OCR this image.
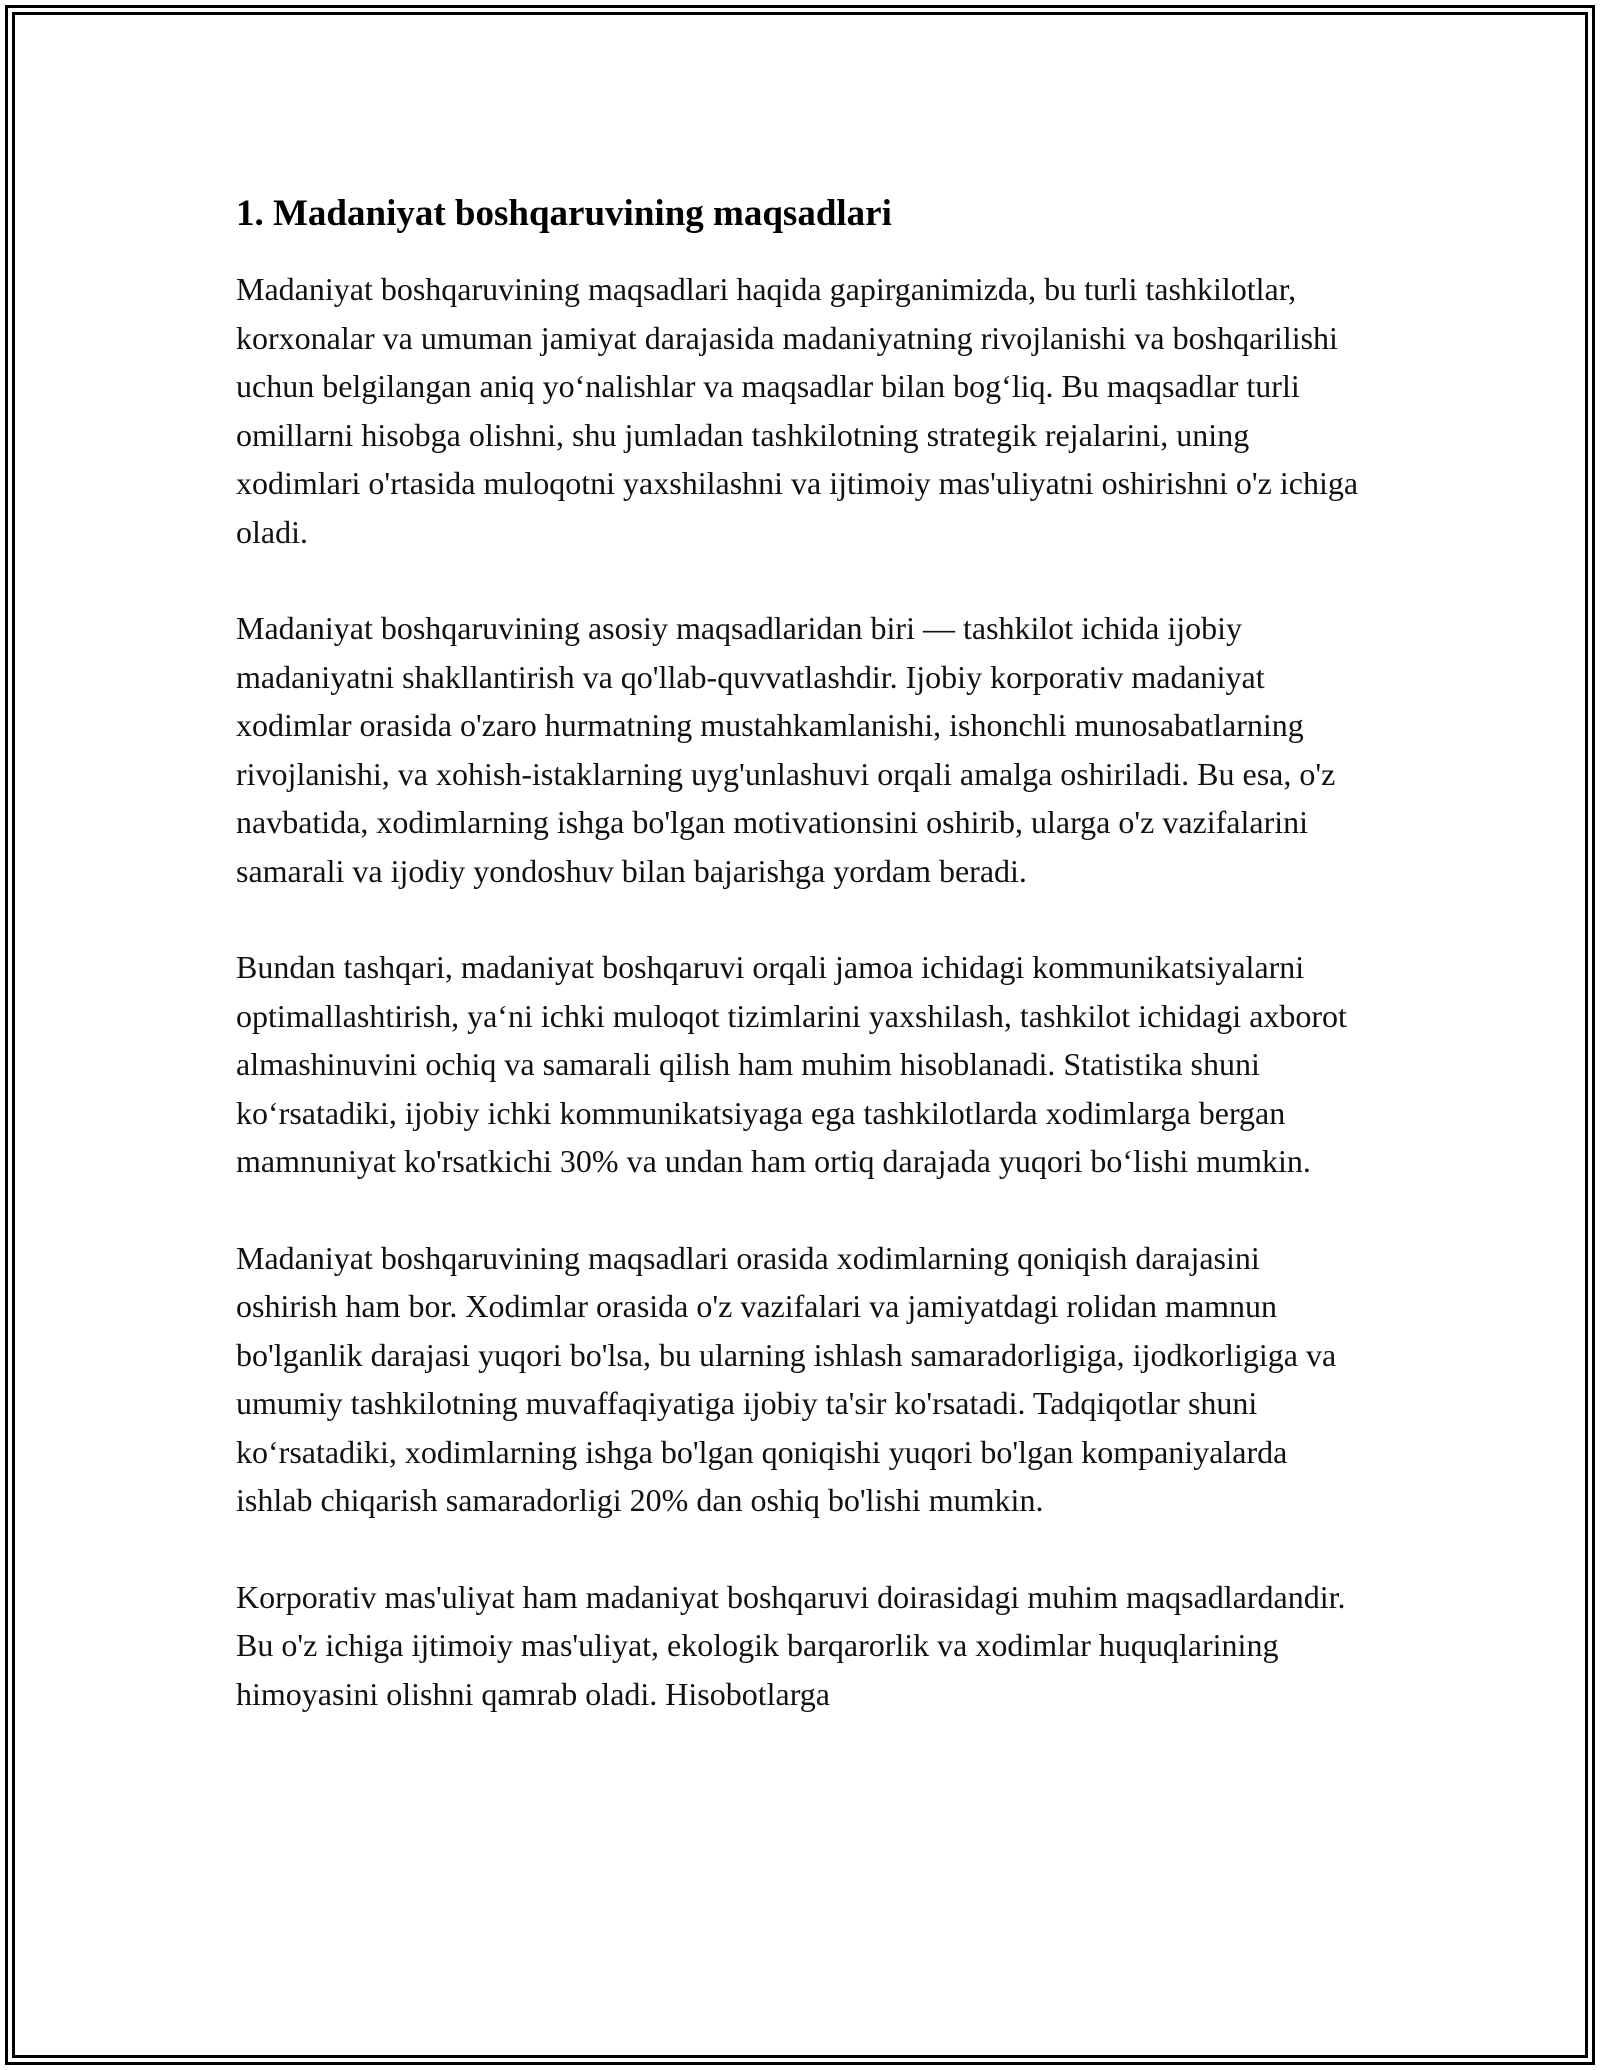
1. Madaniyat boshqaruvining maqsadlari

Madaniyat boshqaruvining maqsadlari haqida gapirganimizda, bu turli tashkilotlar, korxonalar va umuman jamiyat darajasida madaniyatning rivojlanishi va boshqarilishi uchun belgilangan aniq yo‘nalishlar va maqsadlar bilan bog‘liq. Bu maqsadlar turli omillarni hisobga olishni, shu jumladan tashkilotning strategik rejalarini, uning xodimlari o'rtasida muloqotni yaxshilashni va ijtimoiy mas'uliyatni oshirishni o'z ichiga oladi.

Madaniyat boshqaruvining asosiy maqsadlaridan biri — tashkilot ichida ijobiy madaniyatni shakllantirish va qo'llab-quvvatlashdir. Ijobiy korporativ madaniyat xodimlar orasida o'zaro hurmatning mustahkamlanishi, ishonchli munosabatlarning rivojlanishi, va xohish-istaklarning uyg'unlashuvi orqali amalga oshiriladi. Bu esa, o'z navbatida, xodimlarning ishga bo'lgan motivationsini oshirib, ularga o'z vazifalarini samarali va ijodiy yondoshuv bilan bajarishga yordam beradi.

Bundan tashqari, madaniyat boshqaruvi orqali jamoa ichidagi kommunikatsiyalarni optimallashtirish, ya‘ni ichki muloqot tizimlarini yaxshilash, tashkilot ichidagi axborot almashinuvini ochiq va samarali qilish ham muhim hisoblanadi. Statistika shuni ko‘rsatadiki, ijobiy ichki kommunikatsiyaga ega tashkilotlarda xodimlarga bergan mamnuniyat ko'rsatkichi 30% va undan ham ortiq darajada yuqori bo‘lishi mumkin.

Madaniyat boshqaruvining maqsadlari orasida xodimlarning qoniqish darajasini oshirish ham bor. Xodimlar orasida o'z vazifalari va jamiyatdagi rolidan mamnun bo'lganlik darajasi yuqori bo'lsa, bu ularning ishlash samaradorligiga, ijodkorligiga va umumiy tashkilotning muvaffaqiyatiga ijobiy ta'sir ko'rsatadi. Tadqiqotlar shuni ko‘rsatadiki, xodimlarning ishga bo'lgan qoniqishi yuqori bo'lgan kompaniyalarda ishlab chiqarish samaradorligi 20% dan oshiq bo'lishi mumkin.

Korporativ mas'uliyat ham madaniyat boshqaruvi doirasidagi muhim maqsadlardandir. Bu o'z ichiga ijtimoiy mas'uliyat, ekologik barqarorlik va xodimlar huquqlarining himoyasini olishni qamrab oladi. Hisobotlarga
